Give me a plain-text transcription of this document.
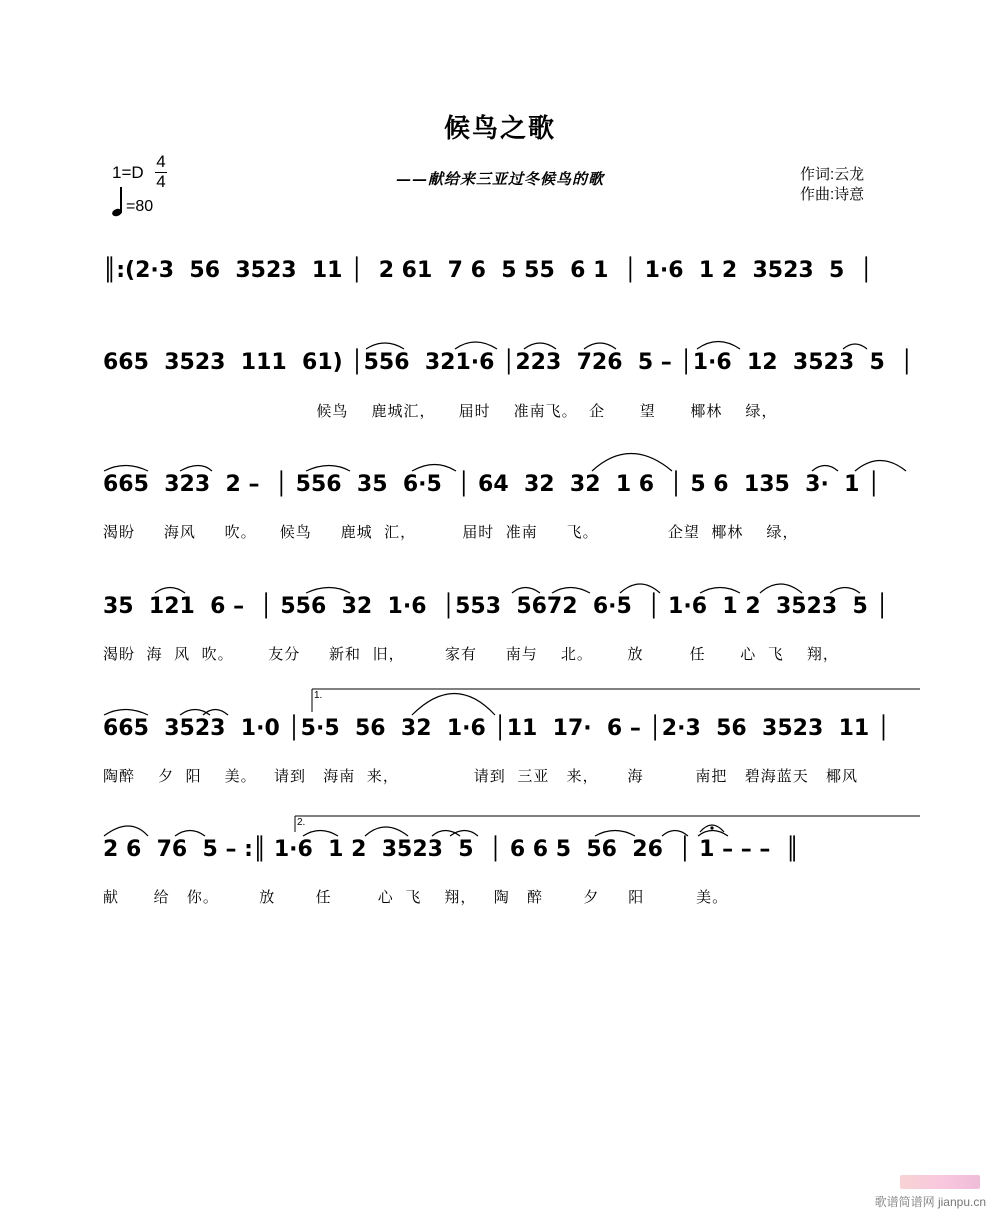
候鸟之歌
1=D
4
4
=80
——献给来三亚过冬候鸟的歌	作词:云龙
作曲:诗意
║:(2·3  56  3523  11 │  2 61  7 6  5 55  6 1  │ 1·6  1 2  3523  5  │
665  3523  111  61) │556  321·6 │223  726  5 – │1·6  12  3523  5  │
候鸟    鹿城汇，    届时    准南飞。  企      望      椰林    绿，
665  323  2 –  │ 556  35  6·5  │ 64  32  32  1 6  │ 5 6  135  3·  1 │
渴盼     海风     吹。    候鸟     鹿城  汇，        届时  准南     飞。            企望  椰林    绿，
35  121  6 –  │ 556  32  1·6  │553  5672  6·5  │ 1·6  1 2  3523  5 │
渴盼  海  风  吹。      友分     新和  旧，       家有     南与    北。      放        任      心  飞    翔，
665  3523  1·0 │5·5  56  32  1·6 │11  17·  6 – │2·3  56  3523  11 │
陶醉    夕  阳    美。   请到   海南  来，             请到  三亚   来，     海         南把   碧海蓝天   椰风
2 6  76  5 – :║ 1·6  1 2  3523  5  │ 6 6 5  56  26  │ 1 – – –  ║
献      给   你。       放       任        心  飞    翔，   陶   醉       夕     阳         美。
1.
2.
歌谱简谱网 jianpu.cn
